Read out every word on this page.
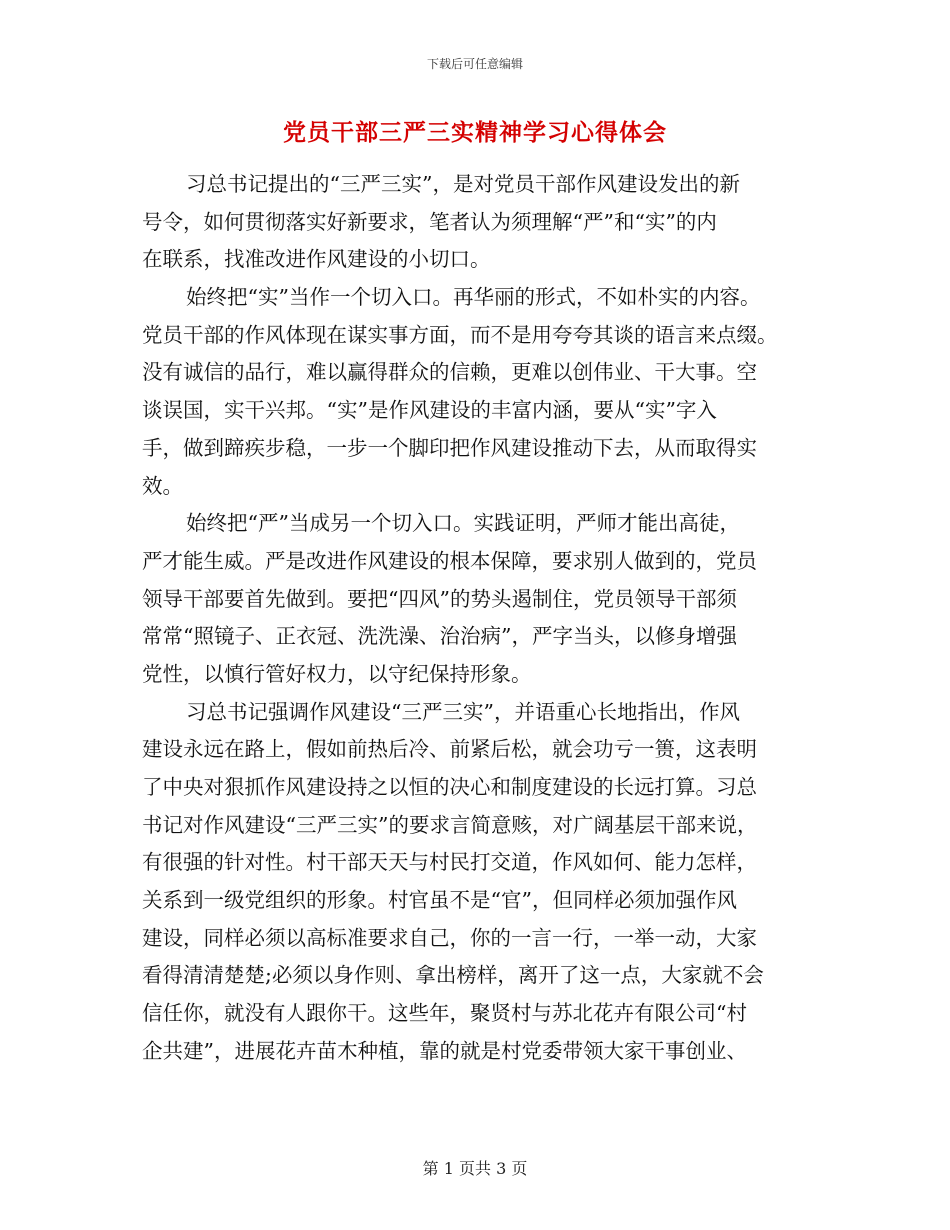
下载后可任意编辑
党员干部三严三实精神学习心得体会
习总书记提出的“三严三实”，是对党员干部作风建设发出的新
号令，如何贯彻落实好新要求，笔者认为须理解“严”和“实”的内
在联系，找准改进作风建设的小切口。
始终把“实”当作一个切入口。再华丽的形式，不如朴实的内容。
党员干部的作风体现在谋实事方面，而不是用夸夸其谈的语言来点缀。
没有诚信的品行，难以赢得群众的信赖，更难以创伟业、干大事。空
谈误国，实干兴邦。“实”是作风建设的丰富内涵，要从“实”字入
手，做到蹄疾步稳，一步一个脚印把作风建设推动下去，从而取得实
效。
始终把“严”当成另一个切入口。实践证明，严师才能出高徒，
严才能生威。严是改进作风建设的根本保障，要求别人做到的，党员
领导干部要首先做到。要把“四风”的势头遏制住，党员领导干部须
常常“照镜子、正衣冠、洗洗澡、治治病”，严字当头，以修身增强
党性，以慎行管好权力，以守纪保持形象。
习总书记强调作风建设“三严三实”，并语重心长地指出，作风
建设永远在路上，假如前热后冷、前紧后松，就会功亏一篑，这表明
了中央对狠抓作风建设持之以恒的决心和制度建设的长远打算。习总
书记对作风建设“三严三实”的要求言简意赅，对广阔基层干部来说，
有很强的针对性。村干部天天与村民打交道，作风如何、能力怎样，
关系到一级党组织的形象。村官虽不是“官”，但同样必须加强作风
建设，同样必须以高标准要求自己，你的一言一行，一举一动，大家
看得清清楚楚;必须以身作则、拿出榜样，离开了这一点，大家就不会
信任你，就没有人跟你干。这些年，聚贤村与苏北花卉有限公司“村
企共建”，进展花卉苗木种植，靠的就是村党委带领大家干事创业、
第 1 页共 3 页
